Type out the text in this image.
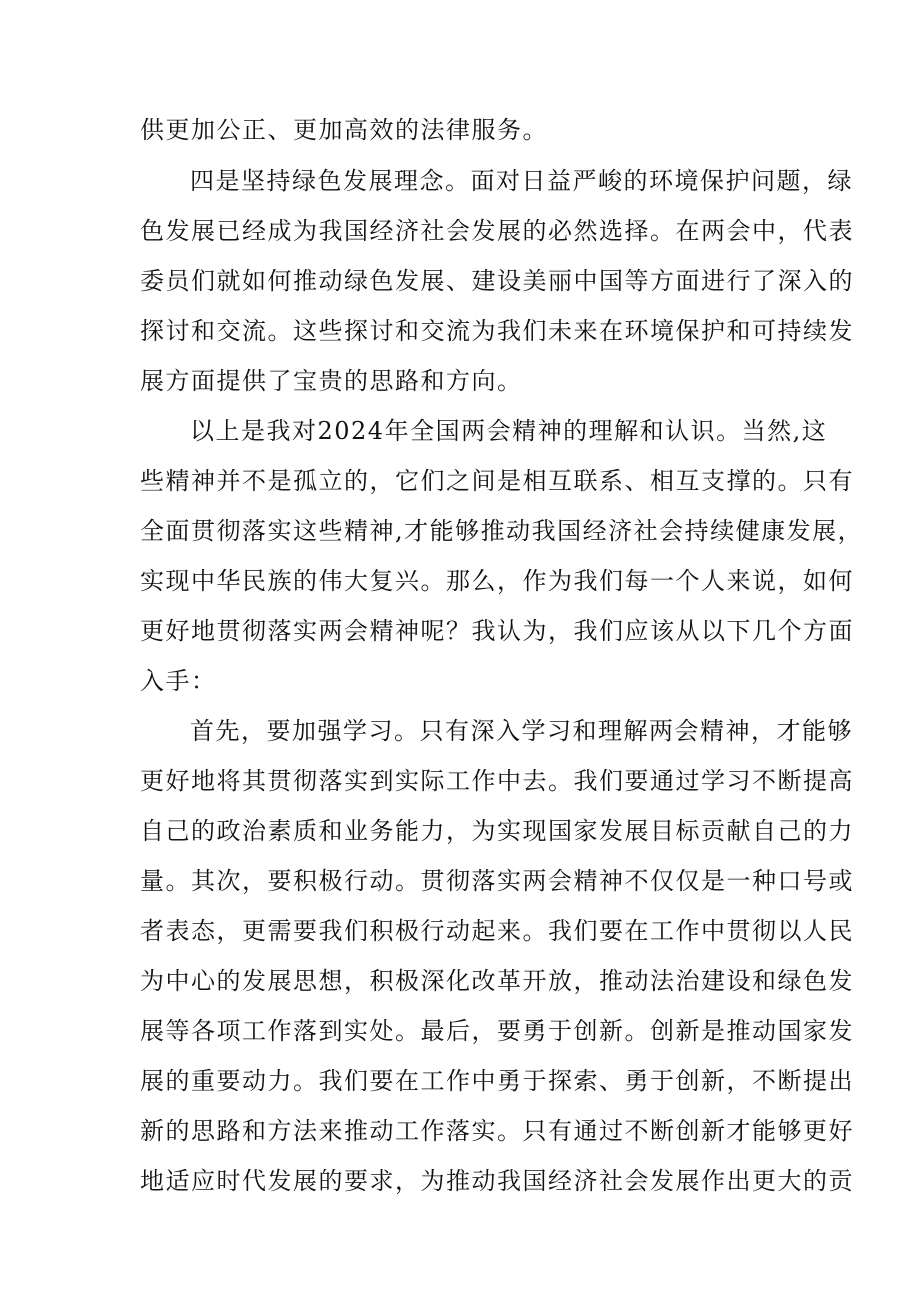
供更加公正、更加高效的法律服务。
四是坚持绿色发展理念。面对日益严峻的环境保护问题，绿
色发展已经成为我国经济社会发展的必然选择。在两会中，代表
委员们就如何推动绿色发展、建设美丽中国等方面进行了深入的
探讨和交流。这些探讨和交流为我们未来在环境保护和可持续发
展方面提供了宝贵的思路和方向。
以上是我对2024年全国两会精神的理解和认识。当然,这
些精神并不是孤立的，它们之间是相互联系、相互支撑的。只有
全面贯彻落实这些精神,才能够推动我国经济社会持续健康发展，
实现中华民族的伟大复兴。那么，作为我们每一个人来说，如何
更好地贯彻落实两会精神呢？我认为，我们应该从以下几个方面
入手：
首先，要加强学习。只有深入学习和理解两会精神，才能够
更好地将其贯彻落实到实际工作中去。我们要通过学习不断提高
自己的政治素质和业务能力，为实现国家发展目标贡献自己的力
量。其次，要积极行动。贯彻落实两会精神不仅仅是一种口号或
者表态，更需要我们积极行动起来。我们要在工作中贯彻以人民
为中心的发展思想，积极深化改革开放，推动法治建设和绿色发
展等各项工作落到实处。最后，要勇于创新。创新是推动国家发
展的重要动力。我们要在工作中勇于探索、勇于创新，不断提出
新的思路和方法来推动工作落实。只有通过不断创新才能够更好
地适应时代发展的要求，为推动我国经济社会发展作出更大的贡
